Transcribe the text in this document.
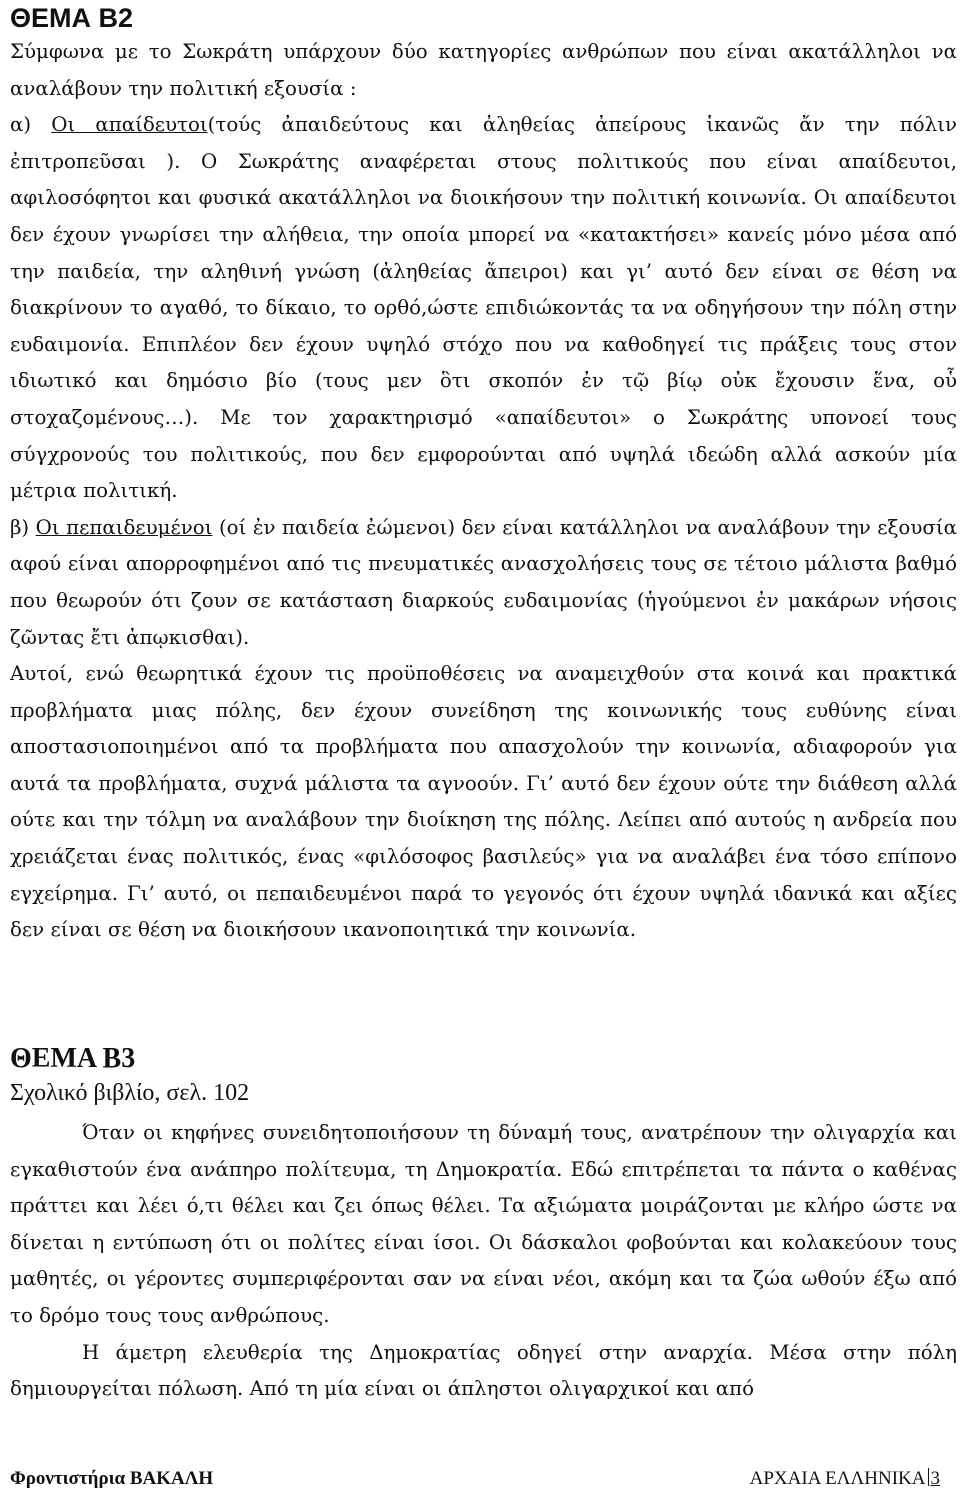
ΘΕΜΑ Β2

Σύμφωνα με το Σωκράτη υπάρχουν δύο κατηγορίες ανθρώπων που είναι ακατάλληλοι να αναλάβουν την πολιτική εξουσία :

α) Οι απαίδευτοι(τούς ἀπαιδεύτους και ἀληθείας ἀπείρους ἱκανῶς ἄν την πόλιν ἐπιτροπεῦσαι ). Ο Σωκράτης αναφέρεται στους πολιτικούς που είναι απαίδευτοι, αφιλοσόφητοι και φυσικά ακατάλληλοι να διοικήσουν την πολιτική κοινωνία. Οι απαίδευτοι δεν έχουν γνωρίσει την αλήθεια, την οποία μπορεί να «κατακτήσει» κανείς μόνο μέσα από την παιδεία, την αληθινή γνώση (ἀληθείας ἄπειροι) και γι’ αυτό δεν είναι σε θέση να διακρίνουν το αγαθό, το δίκαιο, το ορθό,ώστε επιδιώκοντάς τα να οδηγήσουν την πόλη στην ευδαιμονία. Επιπλέον δεν έχουν υψηλό στόχο που να καθοδηγεί τις πράξεις τους στον ιδιωτικό και δημόσιο βίο (τους μεν ὃτι σκοπόν ἐν τῷ βίῳ οὐκ ἔχουσιν ἕνα, οὗ στοχαζομένους…). Με τον χαρακτηρισμό «απαίδευτοι» ο Σωκράτης υπονοεί τους σύγχρονούς του πολιτικούς, που δεν εμφορούνται από υψηλά ιδεώδη αλλά ασκούν μία μέτρια πολιτική.

β) Οι πεπαιδευμένοι (οί ἐν παιδεία ἐώμενοι) δεν είναι κατάλληλοι να αναλάβουν την εξουσία αφού είναι απορροφημένοι από τις πνευματικές ανασχολήσεις τους σε τέτοιο μάλιστα βαθμό που θεωρούν ότι ζουν σε κατάσταση διαρκούς ευδαιμονίας (ἡγούμενοι ἐν μακάρων νήσοις ζῶντας ἔτι ἀπῳκισθαι).

Αυτοί, ενώ θεωρητικά έχουν τις προϋποθέσεις να αναμειχθούν στα κοινά και πρακτικά προβλήματα μιας πόλης, δεν έχουν συνείδηση της κοινωνικής τους ευθύνης είναι αποστασιοποιημένοι από τα προβλήματα που απασχολούν την κοινωνία, αδιαφορούν για αυτά τα προβλήματα, συχνά μάλιστα τα αγνοούν. Γι’ αυτό δεν έχουν ούτε την διάθεση αλλά ούτε και την τόλμη να αναλάβουν την διοίκηση της πόλης. Λείπει από αυτούς η ανδρεία που χρειάζεται ένας πολιτικός, ένας «φιλόσοφος βασιλεύς» για να αναλάβει ένα τόσο επίπονο εγχείρημα. Γι’ αυτό, οι πεπαιδευμένοι παρά το γεγονός ότι έχουν υψηλά ιδανικά και αξίες δεν είναι σε θέση να διοικήσουν ικανοποιητικά την κοινωνία.

ΘΕΜΑ Β3
Σχολικό βιβλίο, σελ. 102

Όταν οι κηφήνες συνειδητοποιήσουν τη δύναμή τους, ανατρέπουν την ολιγαρχία και εγκαθιστούν ένα ανάπηρο πολίτευμα, τη Δημοκρατία. Εδώ επιτρέπεται τα πάντα ο καθένας πράττει και λέει ό,τι θέλει και ζει όπως θέλει. Τα αξιώματα μοιράζονται με κλήρο ώστε να δίνεται η εντύπωση ότι οι πολίτες είναι ίσοι. Οι δάσκαλοι φοβούνται και κολακεύουν τους μαθητές, οι γέροντες συμπεριφέρονται σαν να είναι νέοι, ακόμη και τα ζώα ωθούν έξω από το δρόμο τους τους ανθρώπους.

Η άμετρη ελευθερία της Δημοκρατίας οδηγεί στην αναρχία. Μέσα στην πόλη δημιουργείται πόλωση. Από τη μία είναι οι άπληστοι ολιγαρχικοί και από

Φροντιστήρια ΒΑΚΑΛΗ	ΑΡΧΑΙΑ ΕΛΛΗΝΙΚΑ 3
